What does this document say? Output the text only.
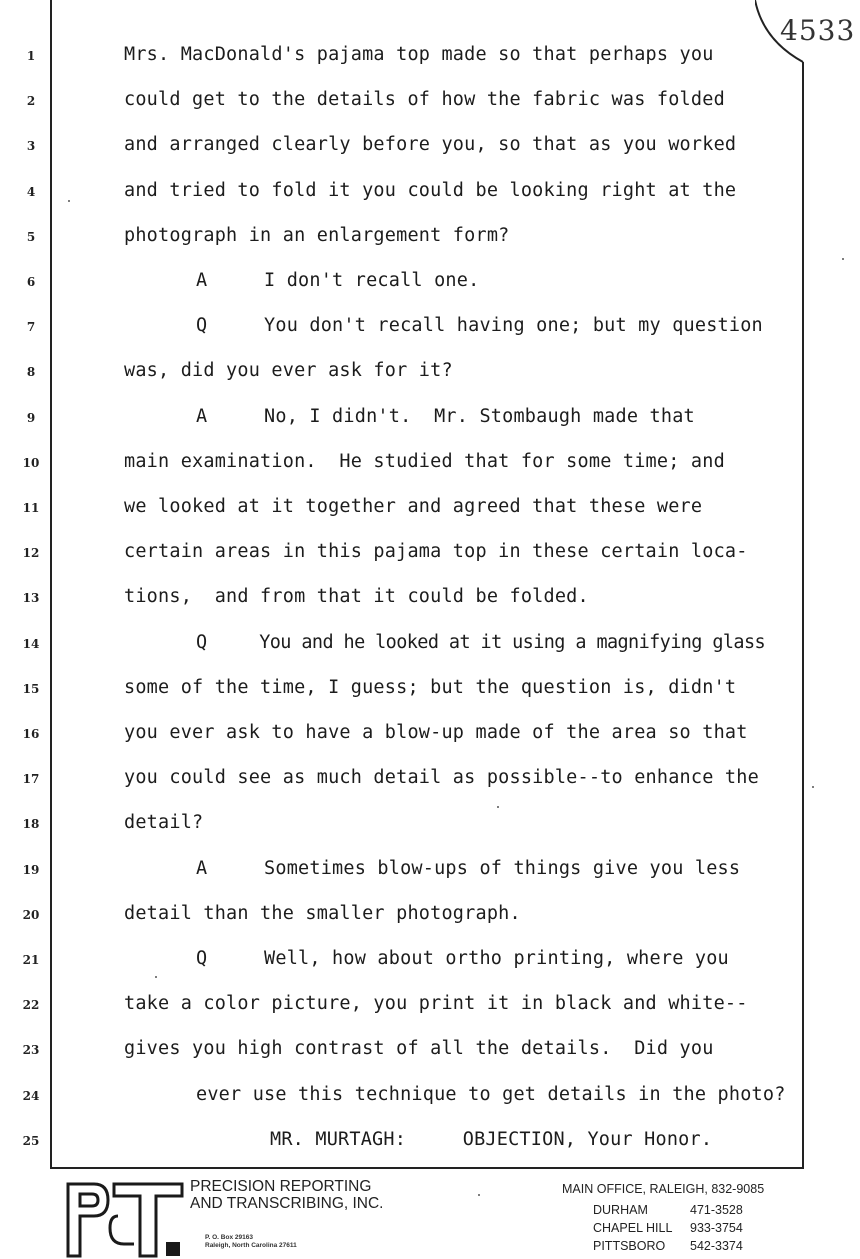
4533
1	Mrs. MacDonald's pajama top made so that perhaps you
2	could get to the details of how the fabric was folded
3	and arranged clearly before you, so that as you worked
4	and tried to fold it you could be looking right at the
5	photograph in an enlargement form?
6	A     I don't recall one.
7	Q     You don't recall having one; but my question
8	was, did you ever ask for it?
9	A     No, I didn't.  Mr. Stombaugh made that
10	main examination.  He studied that for some time; and
11	we looked at it together and agreed that these were
12	certain areas in this pajama top in these certain loca-
13	tions,  and from that it could be folded.
14	Q     You and he looked at it using a magnifying glass
15	some of the time, I guess; but the question is, didn't
16	you ever ask to have a blow-up made of the area so that
17	you could see as much detail as possible--to enhance the
18	detail?
19	A     Sometimes blow-ups of things give you less
20	detail than the smaller photograph.
21	Q     Well, how about ortho printing, where you
22	take a color picture, you print it in black and white--
23	gives you high contrast of all the details.  Did you
24	ever use this technique to get details in the photo?
25	MR. MURTAGH:     OBJECTION, Your Honor.
PRECISION REPORTING
AND TRANSCRIBING, INC.
P. O. Box 29163
Raleigh, North Carolina 27611
MAIN OFFICE, RALEIGH, 832-9085
DURHAM	471-3528
CHAPEL HILL 933-3754
PITTSBORO 542-3374
